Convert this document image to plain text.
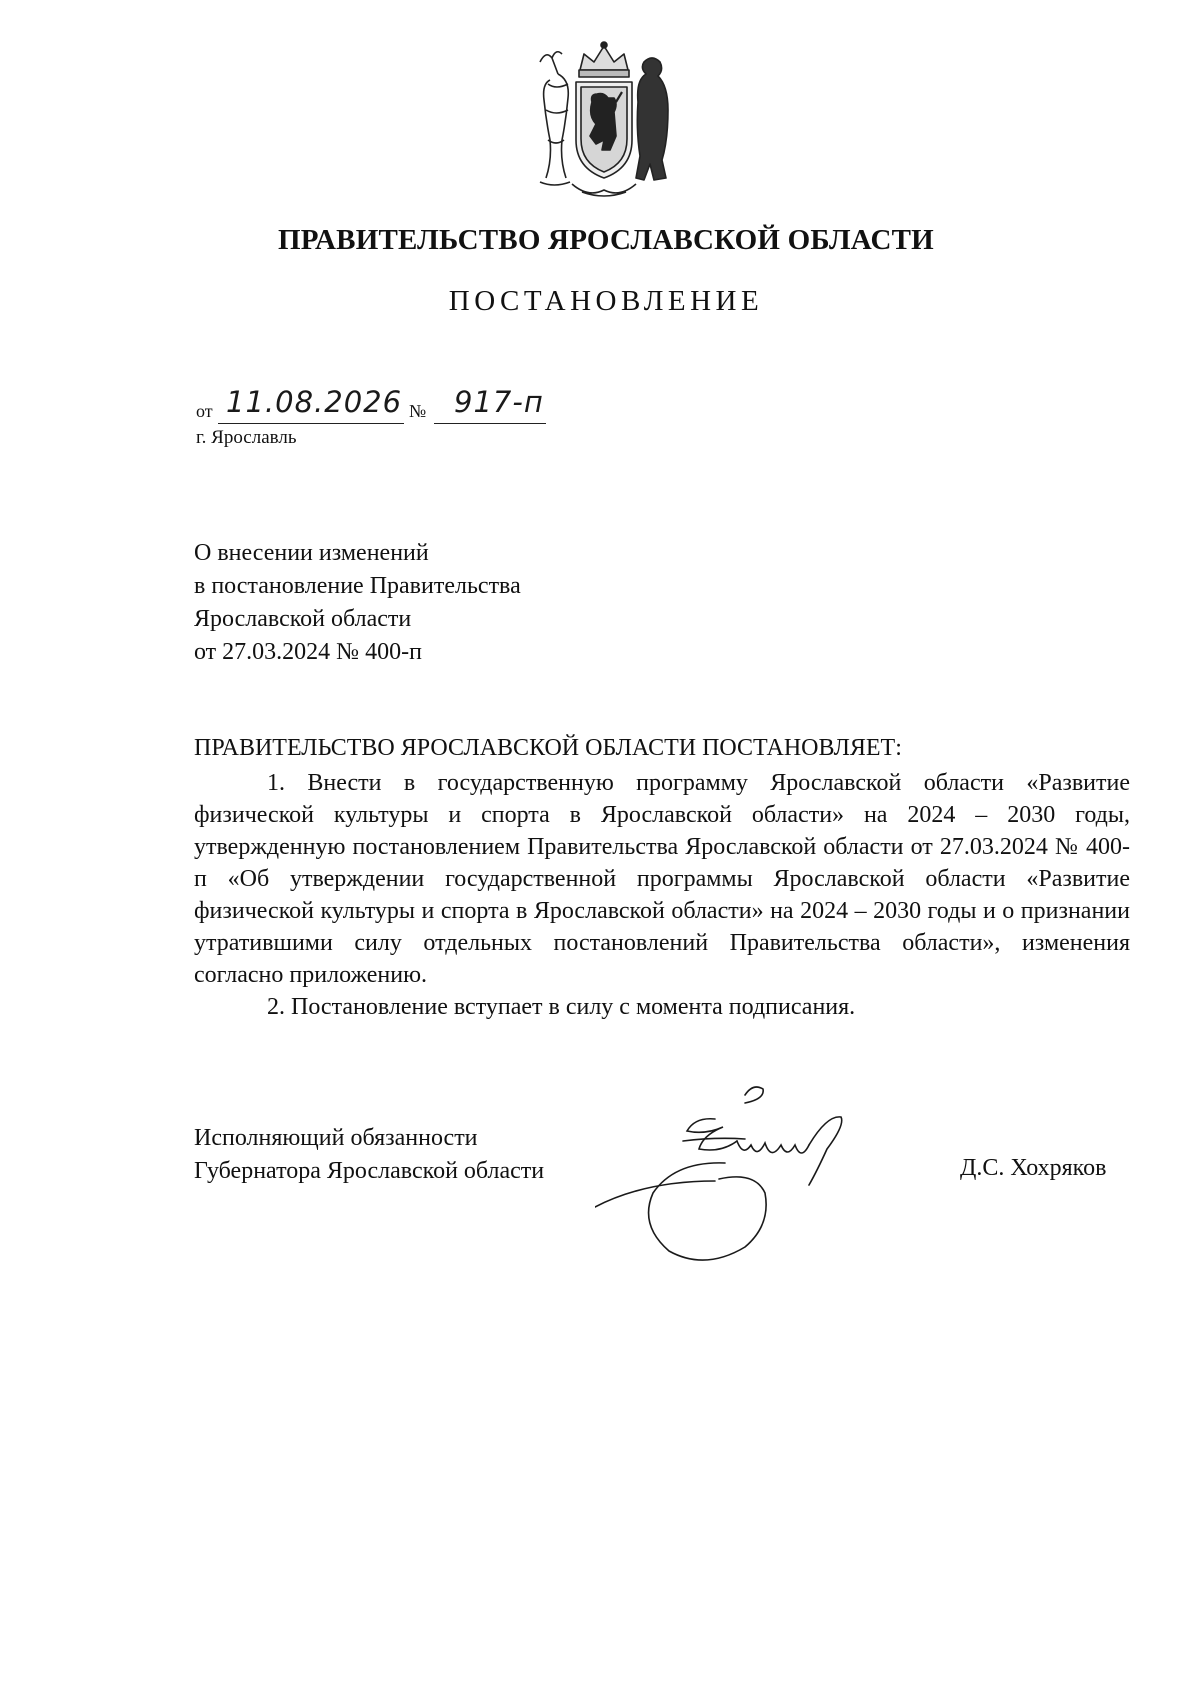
ПРАВИТЕЛЬСТВО ЯРОСЛАВСКОЙ ОБЛАСТИ
ПОСТАНОВЛЕНИЕ
от 11.08.2026 № 917-п
г. Ярославль
О внесении изменений
в постановление Правительства
Ярославской области
от 27.03.2024 № 400-п
ПРАВИТЕЛЬСТВО ЯРОСЛАВСКОЙ ОБЛАСТИ ПОСТАНОВЛЯЕТ:

1. Внести в государственную программу Ярославской области «Развитие физической культуры и спорта в Ярославской области» на 2024 – 2030 годы, утвержденную постановлением Правительства Ярославской области от 27.03.2024 № 400-п «Об утверждении государственной программы Ярославской области «Развитие физической культуры и спорта в Ярославской области» на 2024 – 2030 годы и о признании утратившими силу отдельных постановлений Правительства области», изменения согласно приложению.

2. Постановление вступает в силу с момента подписания.

Исполняющий обязанности
Губернатора Ярославской области	Д.С. Хохряков
